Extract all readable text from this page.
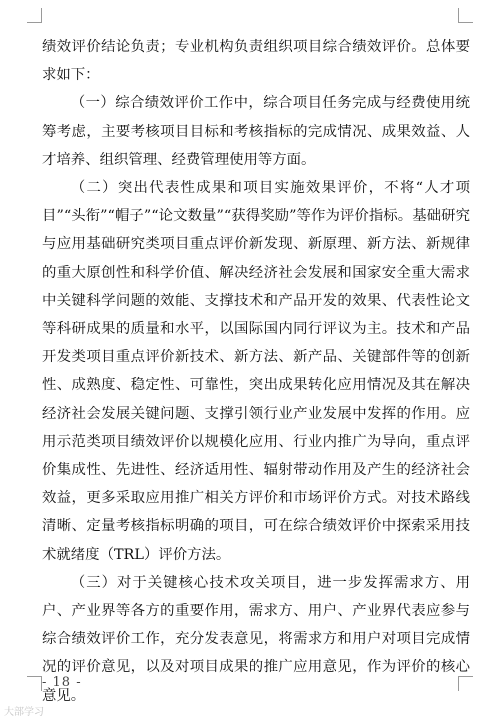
绩效评价结论负责；专业机构负责组织项目综合绩效评价。总体要求如下：

（一）综合绩效评价工作中，综合项目任务完成与经费使用统筹考虑，主要考核项目目标和考核指标的完成情况、成果效益、人才培养、组织管理、经费管理使用等方面。

（二）突出代表性成果和项目实施效果评价，不将“人才项目”“头衔”“帽子”“论文数量”“获得奖励”等作为评价指标。基础研究与应用基础研究类项目重点评价新发现、新原理、新方法、新规律的重大原创性和科学价值、解决经济社会发展和国家安全重大需求中关键科学问题的效能、支撑技术和产品开发的效果、代表性论文等科研成果的质量和水平，以国际国内同行评议为主。技术和产品开发类项目重点评价新技术、新方法、新产品、关键部件等的创新性、成熟度、稳定性、可靠性，突出成果转化应用情况及其在解决经济社会发展关键问题、支撑引领行业产业发展中发挥的作用。应用示范类项目绩效评价以规模化应用、行业内推广为导向，重点评价集成性、先进性、经济适用性、辐射带动作用及产生的经济社会效益，更多采取应用推广相关方评价和市场评价方式。对技术路线清晰、定量考核指标明确的项目，可在综合绩效评价中探索采用技术就绪度（TRL）评价方法。

（三）对于关键核心技术攻关项目，进一步发挥需求方、用户、产业界等各方的重要作用，需求方、用户、产业界代表应参与综合绩效评价工作，充分发表意见，将需求方和用户对项目完成情况的评价意见，以及对项目成果的推广应用意见，作为评价的核心意见。

- 18 -
大部学习
